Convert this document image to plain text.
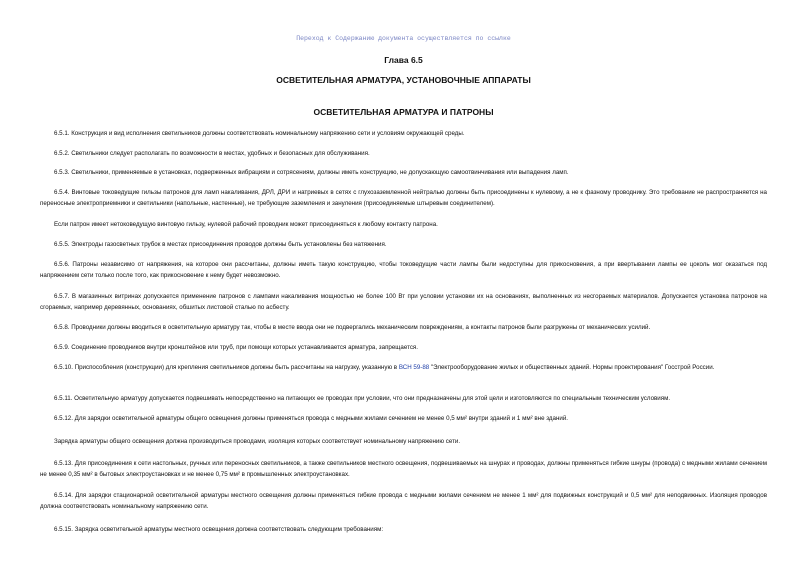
Переход к Содержанию документа осуществляется по ссылке
Глава 6.5
ОСВЕТИТЕЛЬНАЯ АРМАТУРА, УСТАНОВОЧНЫЕ АППАРАТЫ
ОСВЕТИТЕЛЬНАЯ АРМАТУРА И ПАТРОНЫ

6.5.1. Конструкция и вид исполнения светильников должны соответствовать номинальному напряжению сети и условиям окружающей среды.

6.5.2. Светильники следует располагать по возможности в местах, удобных и безопасных для обслуживания.

6.5.3. Светильники, применяемые в установках, подверженных вибрациям и сотрясениям, должны иметь конструкцию, не допускающую самоотвинчивания или выпадения ламп.

6.5.4. Винтовые токоведущие гильзы патронов для ламп накаливания, ДРЛ, ДРИ и натриевых в сетях с глухозаземленной нейтралью должны быть присоединены к нулевому, а не к фазному проводнику. Это требование не распространяется на переносные электроприемники и светильники (напольные, настенные), не требующие заземления и зануления (присоединяемые штыревым соединителем).

Если патрон имеет нетоковедущую винтовую гильзу, нулевой рабочий проводник может присоединяться к любому контакту патрона.

6.5.5. Электроды газосветных трубок в местах присоединения проводов должны быть установлены без натяжения.

6.5.6. Патроны независимо от напряжения, на которое они рассчитаны, должны иметь такую конструкцию, чтобы токоведущие части лампы были недоступны для прикосновения, а при ввертывании лампы ее цоколь мог оказаться под напряжением сети только после того, как прикосновение к нему будет невозможно.

6.5.7. В магазинных витринах допускается применение патронов с лампами накаливания мощностью не более 100 Вт при условии установки их на основаниях, выполненных из несгораемых материалов. Допускается установка патронов на сгораемых, например деревянных, основаниях, обшитых листовой сталью по асбесту.

6.5.8. Проводники должны вводиться в осветительную арматуру так, чтобы в месте ввода они не подвергались механическим повреждениям, а контакты патронов были разгружены от механических усилий.

6.5.9. Соединение проводников внутри кронштейнов или труб, при помощи которых устанавливается арматура, запрещается.

6.5.10. Приспособления (конструкции) для крепления светильников должны быть рассчитаны на нагрузку, указанную в ВСН 59-88 "Электрооборудование жилых и общественных зданий. Нормы проектирования" Госстрой России.

6.5.11. Осветительную арматуру допускается подвешивать непосредственно на питающих ее проводах при условии, что они предназначены для этой цели и изготовляются по специальным техническим условиям.

6.5.12. Для зарядки осветительной арматуры общего освещения должны применяться провода с медными жилами сечением не менее 0,5 мм² внутри зданий и 1 мм² вне зданий.

Зарядка арматуры общего освещения должна производиться проводами, изоляция которых соответствует номинальному напряжению сети.

6.5.13. Для присоединения к сети настольных, ручных или переносных светильников, а также светильников местного освещения, подвешиваемых на шнурах и проводах, должны применяться гибкие шнуры (провода) с медными жилами сечением не менее 0,35 мм² в бытовых электроустановках и не менее 0,75 мм² в промышленных электроустановках.

6.5.14. Для зарядки стационарной осветительной арматуры местного освещения должны применяться гибкие провода с медными жилами сечением не менее 1 мм² для подвижных конструкций и 0,5 мм² для неподвижных. Изоляция проводов должна соответствовать номинальному напряжению сети.

6.5.15. Зарядка осветительной арматуры местного освещения должна соответствовать следующим требованиям:
